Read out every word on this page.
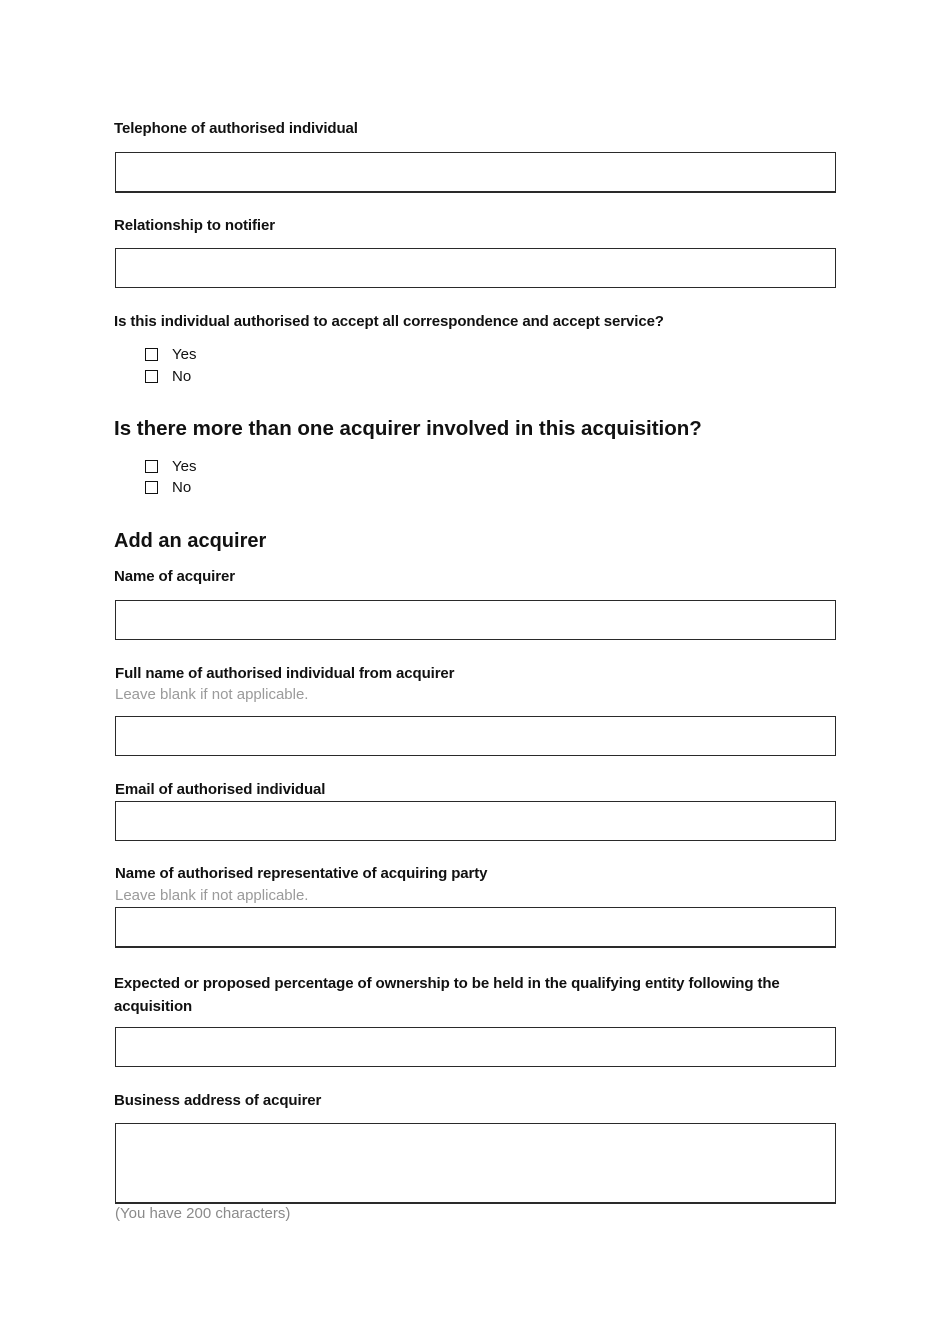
Telephone of authorised individual
Relationship to notifier
Is this individual authorised to accept all correspondence and accept service?
Yes
No
Is there more than one acquirer involved in this acquisition?
Yes
No
Add an acquirer
Name of acquirer
Full name of authorised individual from acquirer
Leave blank if not applicable.
Email of authorised individual
Name of authorised representative of acquiring party
Leave blank if not applicable.
Expected or proposed percentage of ownership to be held in the qualifying entity following the acquisition
Business address of acquirer
(You have 200 characters)
